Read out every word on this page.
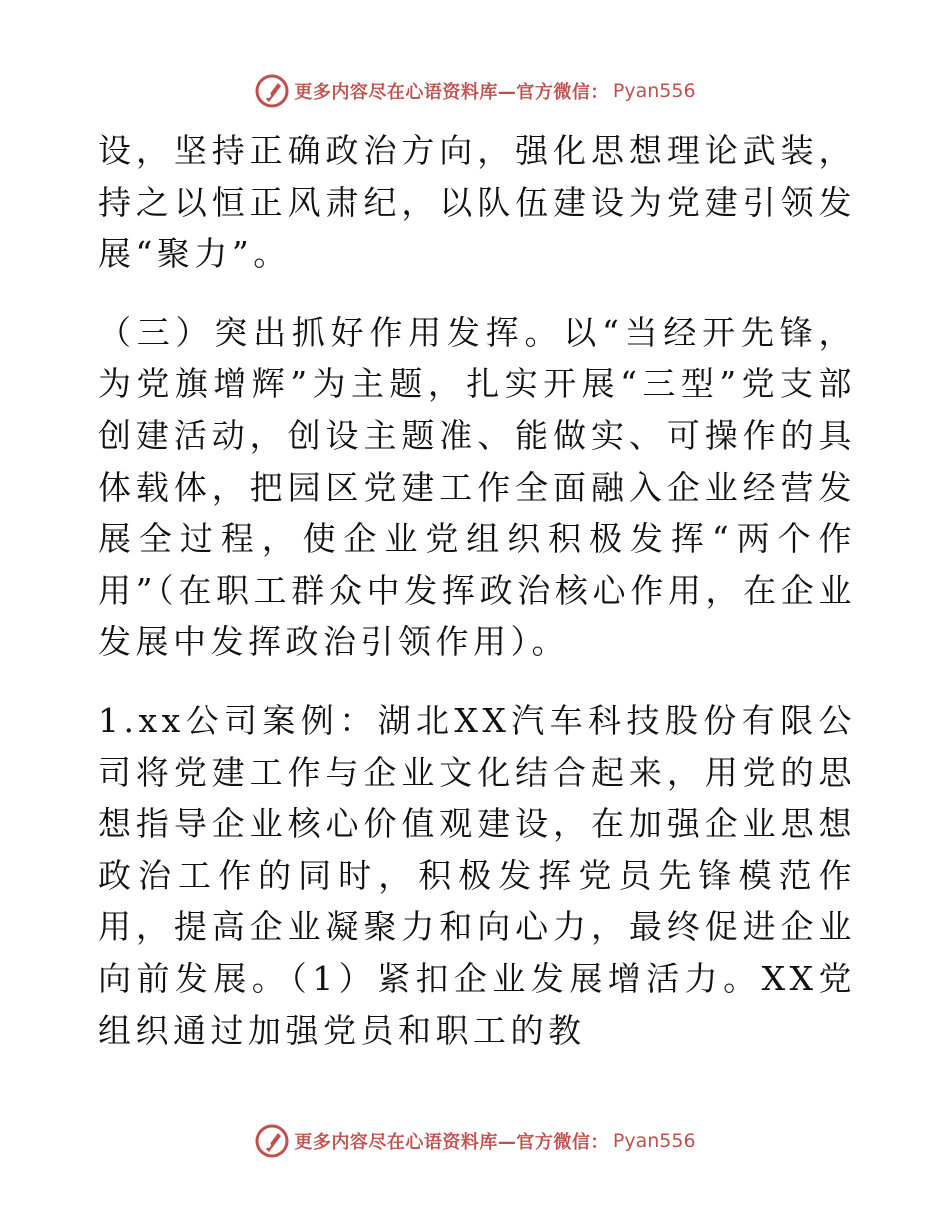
更多内容尽在心语资料库—官方微信： Pyan556

设，坚持正确政治方向，强化思想理论武装，持之以恒正风肃纪，以队伍建设为党建引领发展“聚力”。

（三）突出抓好作用发挥。以“当经开先锋，为党旗增辉”为主题，扎实开展“三型”党支部创建活动，创设主题准、能做实、可操作的具体载体，把园区党建工作全面融入企业经营发展全过程，使企业党组织积极发挥“两个作用”（在职工群众中发挥政治核心作用，在企业发展中发挥政治引领作用）。

1.xx公司案例：湖北XX汽车科技股份有限公司将党建工作与企业文化结合起来，用党的思想指导企业核心价值观建设，在加强企业思想政治工作的同时，积极发挥党员先锋模范作用，提高企业凝聚力和向心力，最终促进企业向前发展。（1）紧扣企业发展增活力。XX党组织通过加强党员和职工的教

更多内容尽在心语资料库—官方微信： Pyan556
